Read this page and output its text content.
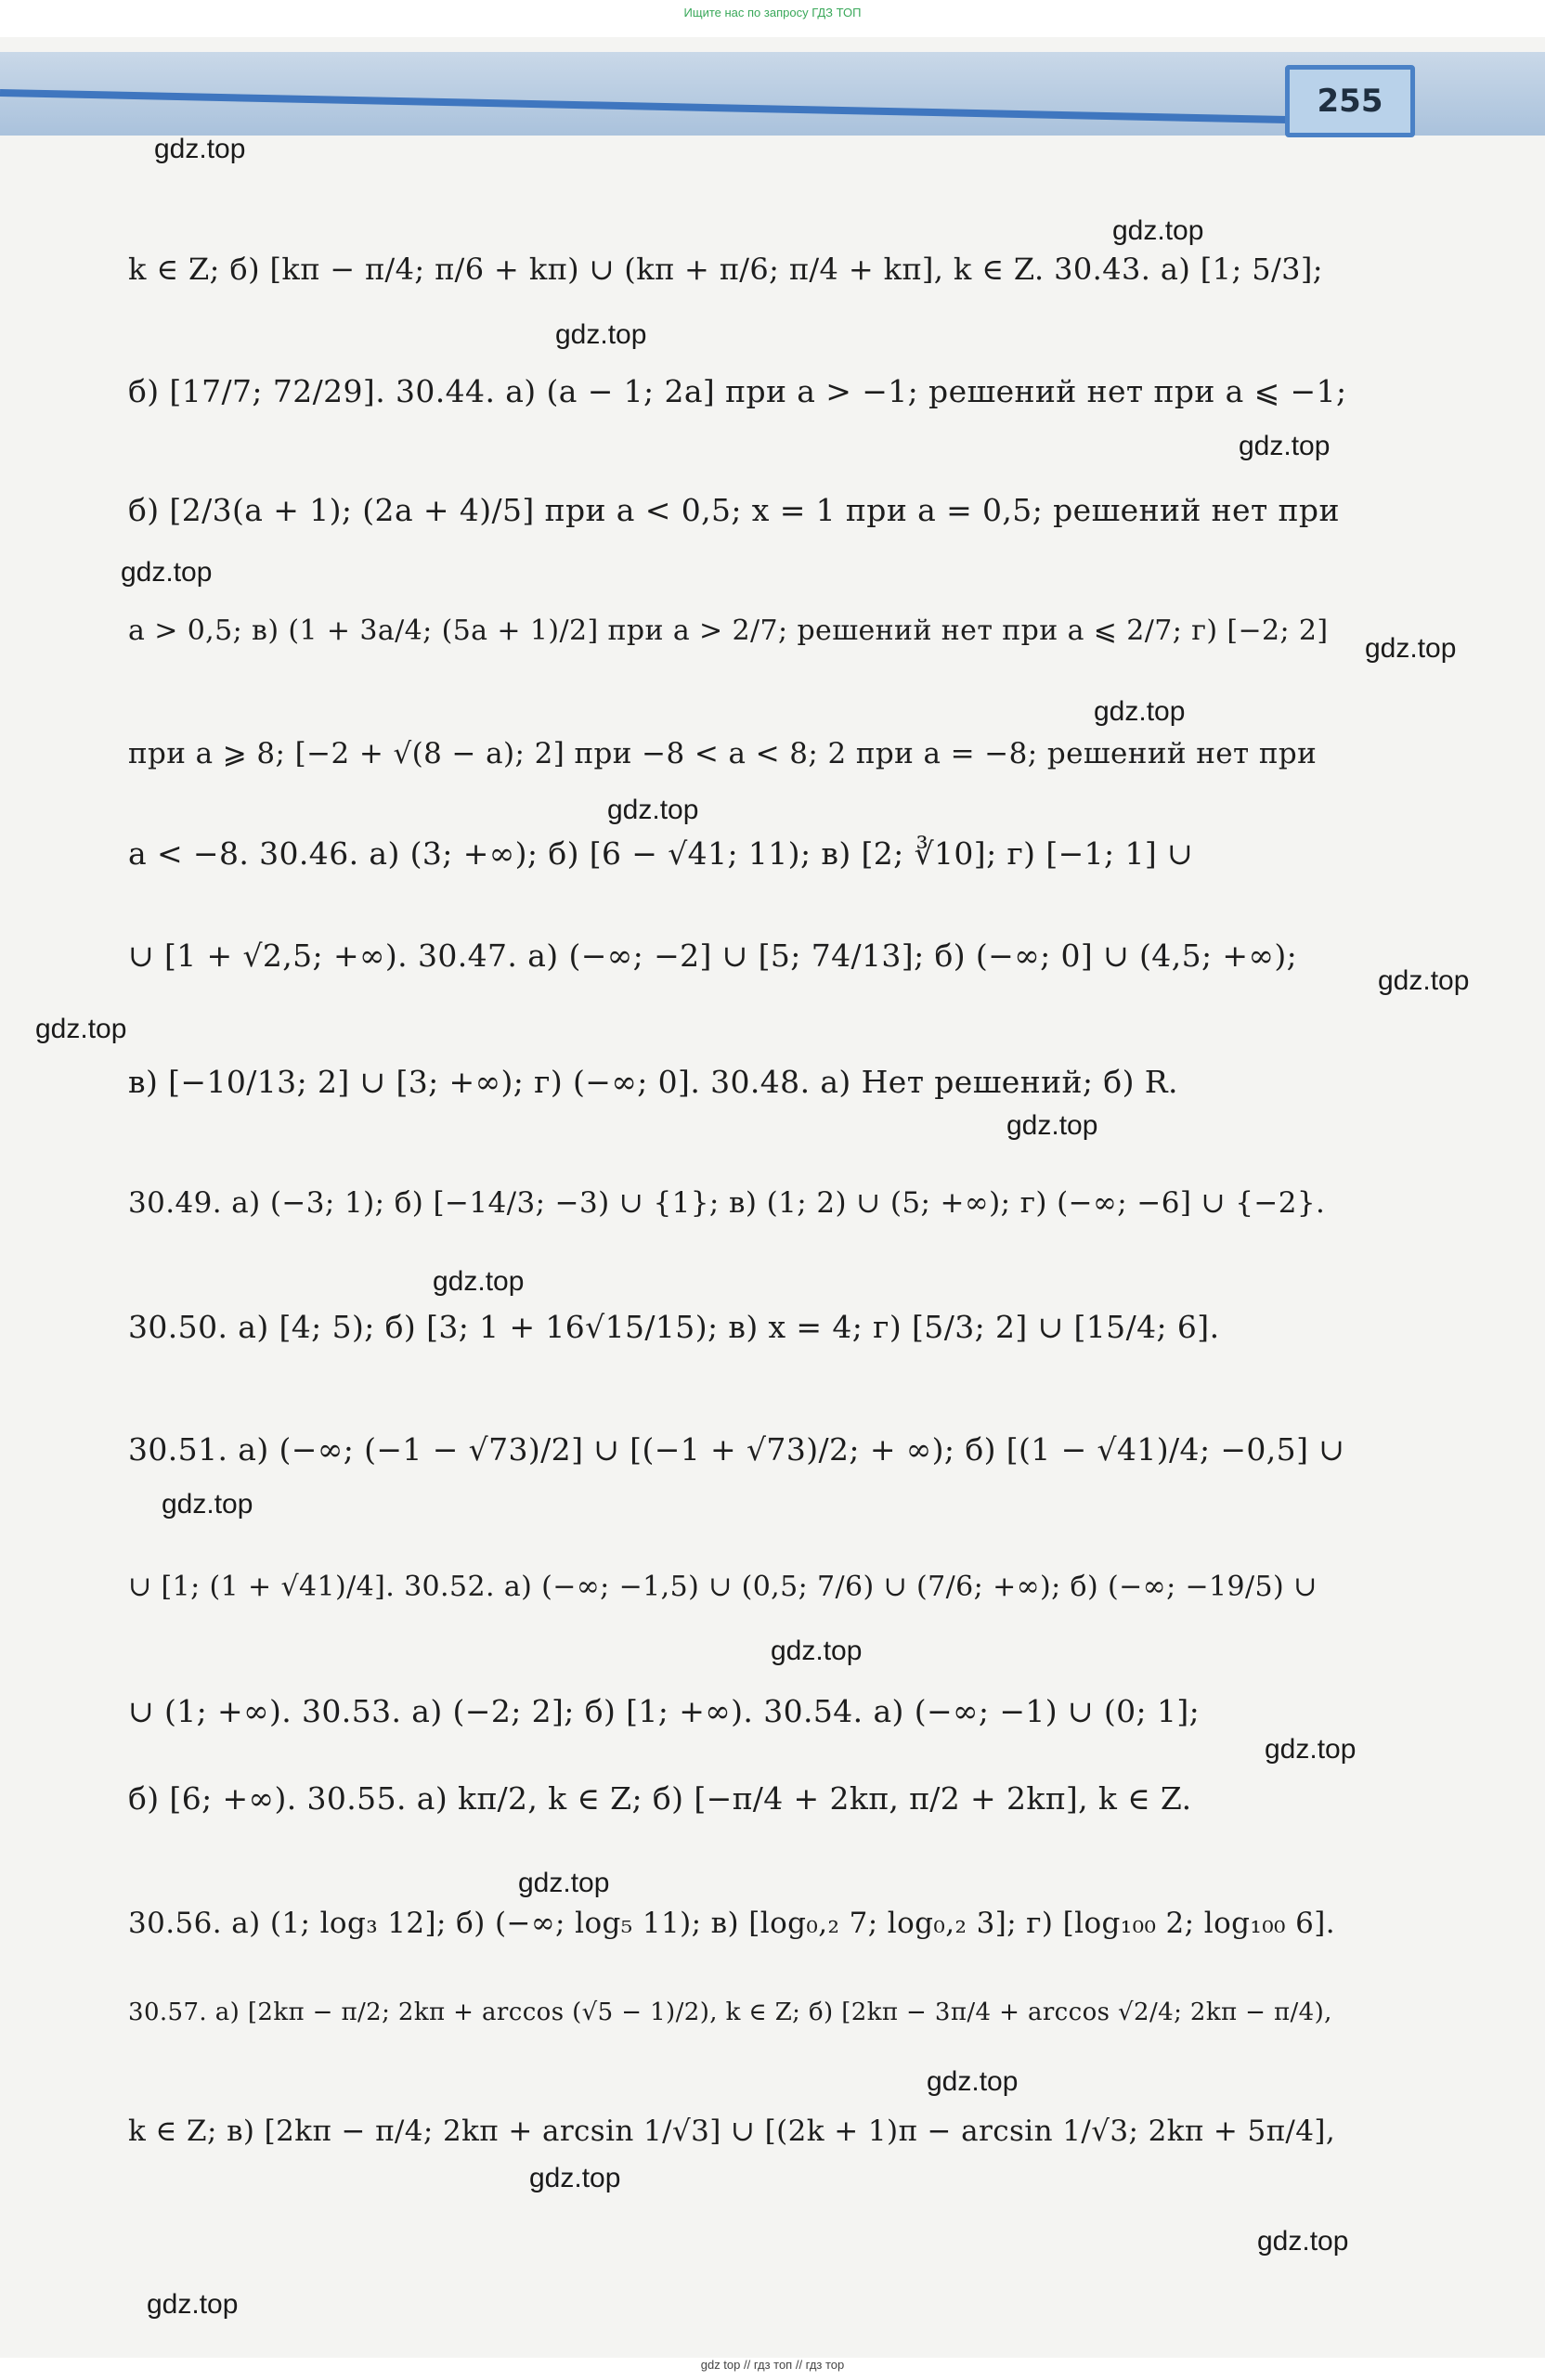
Ищите нас по запросу ГДЗ ТОП
255
gdz.top
gdz.top
gdz.top
gdz.top
gdz.top
gdz.top
gdz.top
gdz.top
gdz.top
gdz.top
gdz.top
gdz.top
gdz.top
gdz.top
gdz.top
gdz.top
gdz.top
gdz.top
gdz.top
gdz.top
k ∈ Z; б) [kπ − π/4; π/6 + kπ) ∪ (kπ + π/6; π/4 + kπ], k ∈ Z. 30.43. а) [1; 5/3];
б) [17/7; 72/29]. 30.44. а) (a − 1; 2a] при a > −1; решений нет при a ⩽ −1;
б) [2/3(a + 1); (2a + 4)/5] при a < 0,5; x = 1 при a = 0,5; решений нет при
a > 0,5; в) (1 + 3a/4; (5a + 1)/2] при a > 2/7; решений нет при a ⩽ 2/7; г) [−2; 2]
при a ⩾ 8; [−2 + √(8 − a); 2] при −8 < a < 8; 2 при a = −8; решений нет при
a < −8. 30.46. а) (3; +∞); б) [6 − √41; 11); в) [2; ∛10]; г) [−1; 1] ∪
∪ [1 + √2,5; +∞). 30.47. а) (−∞; −2] ∪ [5; 74/13]; б) (−∞; 0] ∪ (4,5; +∞);
в) [−10/13; 2] ∪ [3; +∞); г) (−∞; 0]. 30.48. а) Нет решений; б) R.
30.49. а) (−3; 1); б) [−14/3; −3) ∪ {1}; в) (1; 2) ∪ (5; +∞); г) (−∞; −6] ∪ {−2}.
30.50. а) [4; 5); б) [3; 1 + 16√15/15); в) x = 4; г) [5/3; 2] ∪ [15/4; 6].
30.51. а) (−∞; (−1 − √73)/2] ∪ [(−1 + √73)/2; + ∞); б) [(1 − √41)/4; −0,5] ∪
∪ [1; (1 + √41)/4]. 30.52. а) (−∞; −1,5) ∪ (0,5; 7/6) ∪ (7/6; +∞); б) (−∞; −19/5) ∪
∪ (1; +∞). 30.53. а) (−2; 2]; б) [1; +∞). 30.54. а) (−∞; −1) ∪ (0; 1];
б) [6; +∞). 30.55. а) kπ/2, k ∈ Z; б) [−π/4 + 2kπ, π/2 + 2kπ], k ∈ Z.
30.56. а) (1; log₃ 12]; б) (−∞; log₅ 11); в) [log₀,₂ 7; log₀,₂ 3]; г) [log₁₀₀ 2; log₁₀₀ 6].
30.57. а) [2kπ − π/2; 2kπ + arccos (√5 − 1)/2), k ∈ Z; б) [2kπ − 3π/4 + arccos √2/4; 2kπ − π/4),
k ∈ Z; в) [2kπ − π/4; 2kπ + arcsin 1/√3] ∪ [(2k + 1)π − arcsin 1/√3; 2kπ + 5π/4],
gdz top // гдз топ // гдз тор
